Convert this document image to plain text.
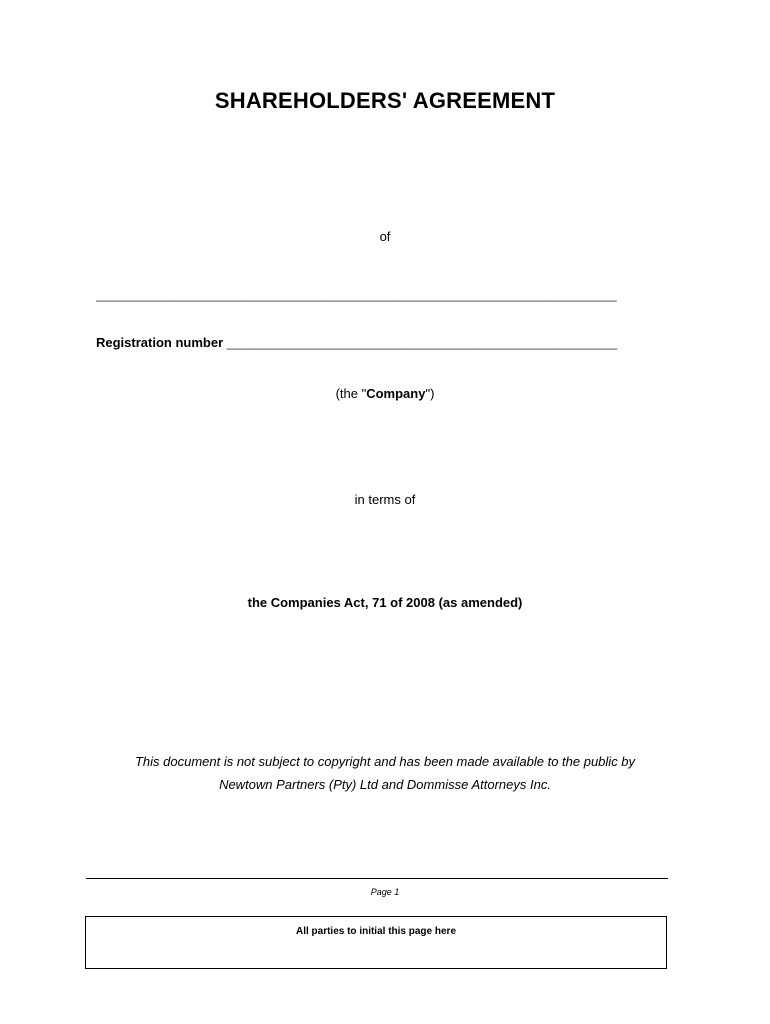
SHAREHOLDERS' AGREEMENT
of
________________________________________________________________________
Registration number ______________________________________________________
(the "Company")
in terms of
the Companies Act, 71 of 2008 (as amended)
This document is not subject to copyright and has been made available to the public by
Newtown Partners (Pty) Ltd and Dommisse Attorneys Inc.
Page 1
All parties to initial this page here
